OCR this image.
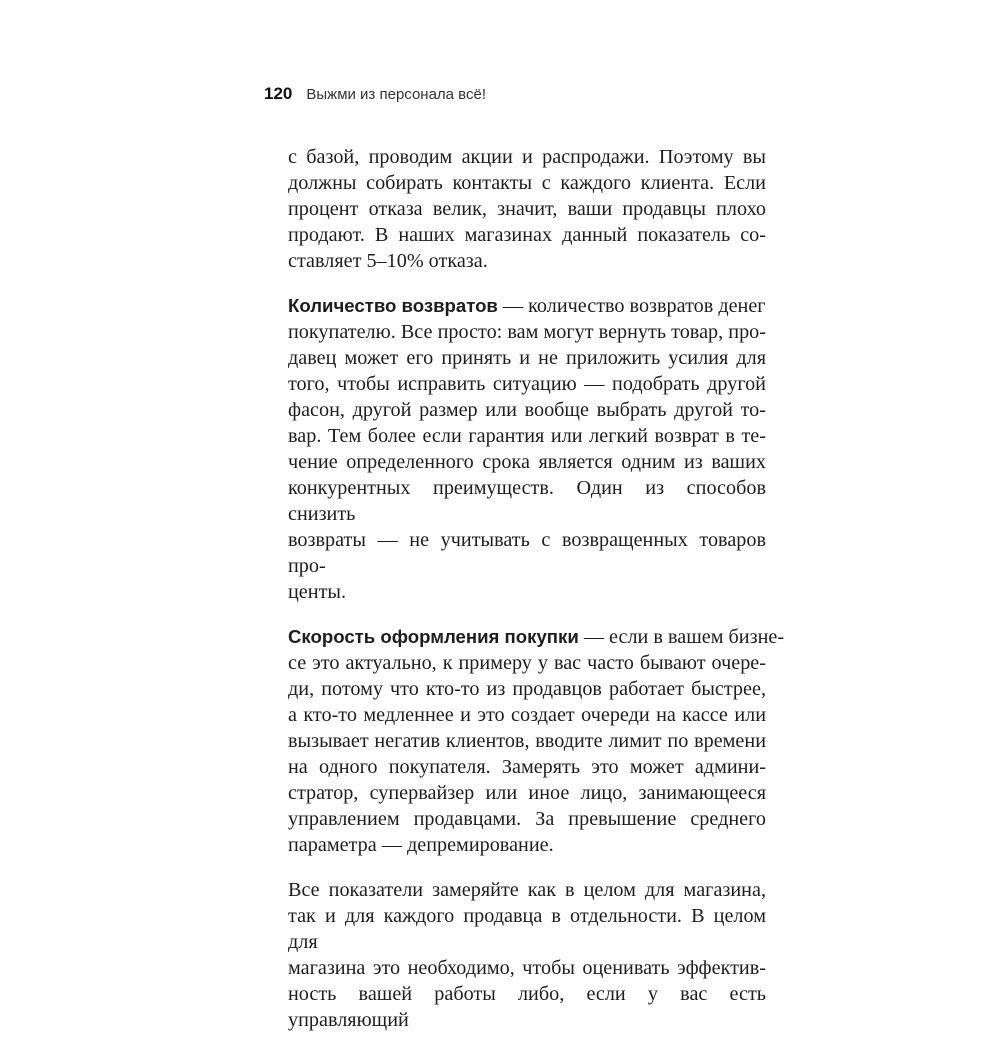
120 Выжми из персонала всё!

с базой, проводим акции и распродажи. Поэтому вы
должны собирать контакты с каждого клиента. Если
процент отказа велик, значит, ваши продавцы плохо
продают. В наших магазинах данный показатель со-
ставляет 5–10% отказа.

Количество возвратов — количество возвратов денег
покупателю. Все просто: вам могут вернуть товар, про-
давец может его принять и не приложить усилия для
того, чтобы исправить ситуацию — подобрать другой
фасон, другой размер или вообще выбрать другой то-
вар. Тем более если гарантия или легкий возврат в те-
чение определенного срока является одним из ваших
конкурентных преимуществ. Один из способов снизить
возвраты — не учитывать с возвращенных товаров про-
центы.

Скорость оформления покупки — если в вашем бизне-
се это актуально, к примеру у вас часто бывают очере-
ди, потому что кто-то из продавцов работает быстрее,
а кто-то медленнее и это создает очереди на кассе или
вызывает негатив клиентов, вводите лимит по времени
на одного покупателя. Замерять это может админи-
стратор, супервайзер или иное лицо, занимающееся
управлением продавцами. За превышение среднего
параметра — депремирование.

Все показатели замеряйте как в целом для магазина,
так и для каждого продавца в отдельности. В целом для
магазина это необходимо, чтобы оценивать эффектив-
ность вашей работы либо, если у вас есть управляющий
